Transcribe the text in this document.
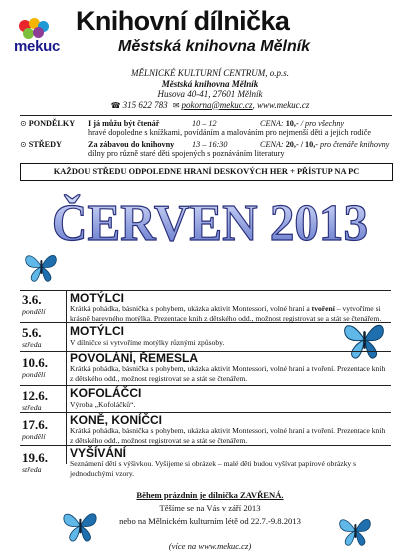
mekuc
Knihovní dílnička
Městská knihovna Mělník
MĚLNICKÉ KULTURNÍ CENTRUM, o.p.s.
Městská knihovna Mělník
Husova 40-41, 27601 Mělník
☎ 315 622 783 ✉ pokorna@mekuc.cz, www.mekuc.cz
⊙ PONDĚLKY I já můžu být čtenář	10 – 12	CENA: 10,- / pro všechny
hravé dopoledne s knížkami, povídáním a malováním pro nejmenší děti a jejich rodiče
⊙ STŘEDY	Za zábavou do knihovny 13 – 16:30	CENA: 20,- / 10,- pro čtenáře knihovny
dílny pro různě staré děti spojených s poznáváním literatury
KAŽDOU STŘEDU ODPOLEDNE HRANÍ DESKOVÝCH HER + PŘÍSTUP NA PC
ČERVEN 2013
3.6.
pondělí
MOTÝLCI
Krátká pohádka, básnička s pohybem, ukázka aktivit Montessori, volné hraní a tvoření – vytvoříme si krásně barevného motýlka. Prezentace knih z dětského odd., možnost registrovat se a stát se čtenářem.
5.6.
středa
MOTÝLCI
V dílničce si vytvoříme motýlky různými způsoby.
10.6.
pondělí
POVOLÁNÍ, ŘEMESLA
Krátká pohádka, básnička s pohybem, ukázka aktivit Montessori, volné hraní a tvoření. Prezentace knih z dětského odd., možnost registrovat se a stát se čtenářem.
12.6.
středa
KOFOLÁČCI
Výroba „Kofoláčků“.
17.6.
pondělí
KONĚ, KONÍČCI
Krátká pohádka, básnička s pohybem, ukázka aktivit Montessori, volné hraní a tvoření. Prezentace knih z dětského odd., možnost registrovat se a stát se čtenářem.
19.6.
středa
VYŠÍVÁNÍ
Seznámení dětí s výšivkou. Vyšijeme si obrázek – malé děti budou vyšívat papírové obrázky s jednoduchými vzory.
Během prázdnin je dílnička ZAVŘENÁ.
Těšíme se na Vás v září 2013
nebo na Mělnickém kulturním létě od 22.7.-9.8.2013
(více na www.mekuc.cz)
